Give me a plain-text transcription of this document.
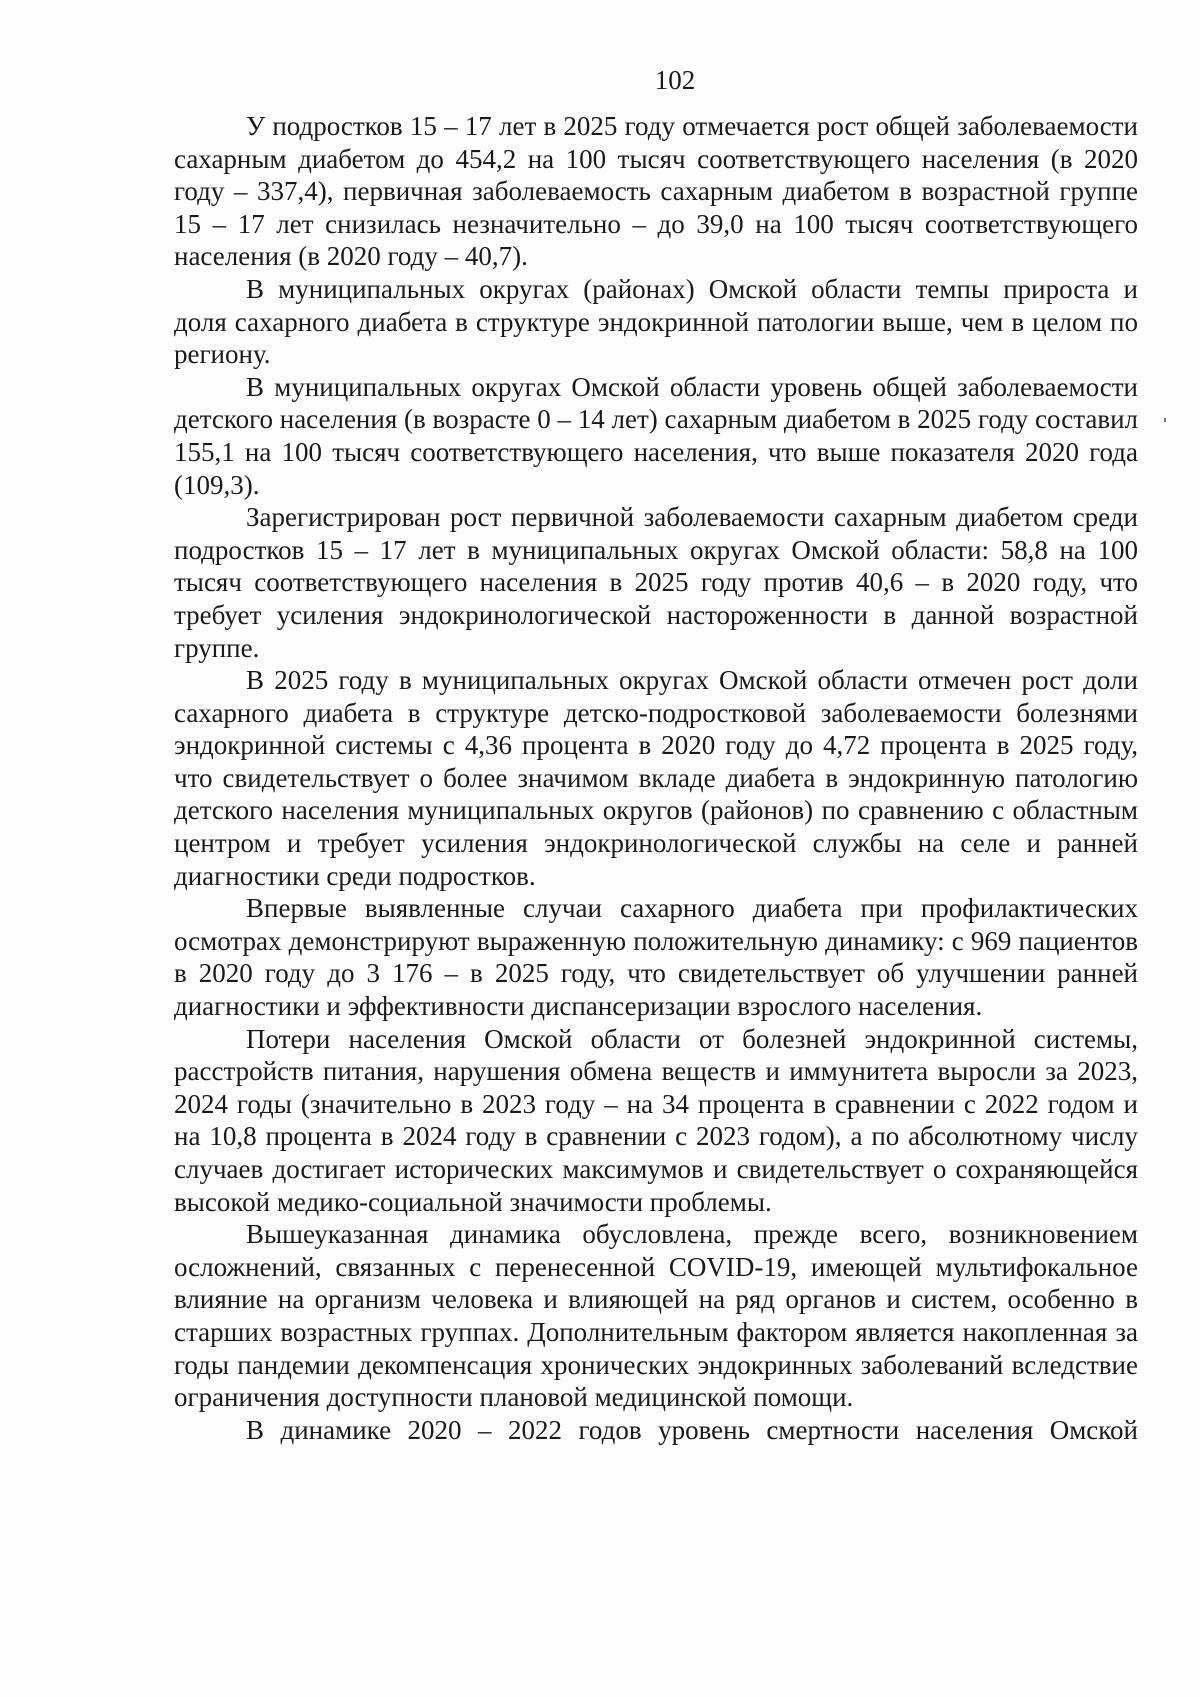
102

У подростков 15 – 17 лет в 2025 году отмечается рост общей заболеваемости сахарным диабетом до 454,2 на 100 тысяч соответствующего населения (в 2020 году – 337,4), первичная заболеваемость сахарным диабетом в возрастной группе 15 – 17 лет снизилась незначительно – до 39,0 на 100 тысяч соответствующего населения (в 2020 году – 40,7).

В муниципальных округах (районах) Омской области темпы прироста и доля сахарного диабета в структуре эндокринной патологии выше, чем в целом по региону.

В муниципальных округах Омской области уровень общей заболеваемости детского населения (в возрасте 0 – 14 лет) сахарным диабетом в 2025 году составил 155,1 на 100 тысяч соответствующего населения, что выше показателя 2020 года (109,3).

Зарегистрирован рост первичной заболеваемости сахарным диабетом среди подростков 15 – 17 лет в муниципальных округах Омской области: 58,8 на 100 тысяч соответствующего населения в 2025 году против 40,6 – в 2020 году, что требует усиления эндокринологической настороженности в данной возрастной группе.

В 2025 году в муниципальных округах Омской области отмечен рост доли сахарного диабета в структуре детско-подростковой заболеваемости болезнями эндокринной системы с 4,36 процента в 2020 году до 4,72 процента в 2025 году, что свидетельствует о более значимом вкладе диабета в эндокринную патологию детского населения муниципальных округов (районов) по сравнению с областным центром и требует усиления эндокринологической службы на селе и ранней диагностики среди подростков.

Впервые выявленные случаи сахарного диабета при профилактических осмотрах демонстрируют выраженную положительную динамику: с 969 пациентов в 2020 году до 3 176 – в 2025 году, что свидетельствует об улучшении ранней диагностики и эффективности диспансеризации взрослого населения.

Потери населения Омской области от болезней эндокринной системы, расстройств питания, нарушения обмена веществ и иммунитета выросли за 2023, 2024 годы (значительно в 2023 году – на 34 процента в сравнении с 2022 годом и на 10,8 процента в 2024 году в сравнении с 2023 годом), а по абсолютному числу случаев достигает исторических максимумов и свидетельствует о сохраняющейся высокой медико-социальной значимости проблемы.

Вышеуказанная динамика обусловлена, прежде всего, возникновением осложнений, связанных с перенесенной COVID-19, имеющей мультифокальное влияние на организм человека и влияющей на ряд органов и систем, особенно в старших возрастных группах. Дополнительным фактором является накопленная за годы пандемии декомпенсация хронических эндокринных заболеваний вследствие ограничения доступности плановой медицинской помощи.

В динамике 2020 – 2022 годов уровень смертности населения Омской
